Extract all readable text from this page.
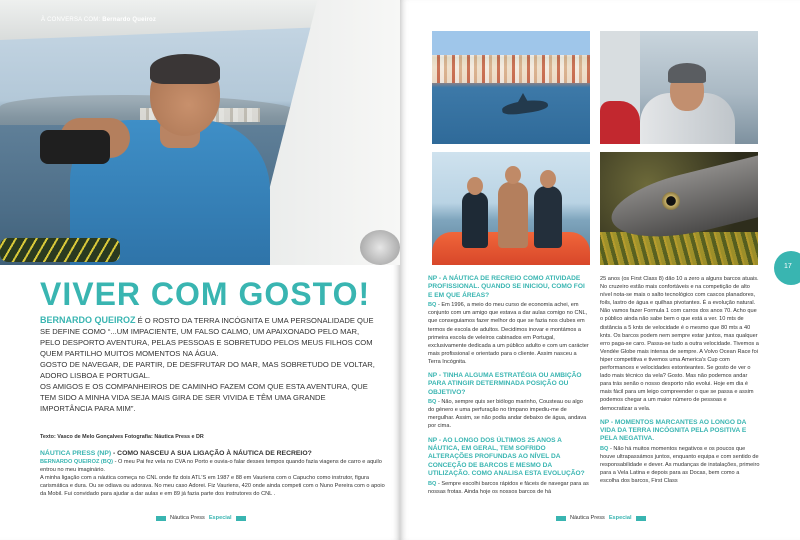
À CONVERSA COM: Bernardo Queiroz
VIVER COM GOSTO!
BERNARDO QUEIROZ É O ROSTO DA TERRA INCÓGNITA E UMA PERSONALIDADE QUE SE DEFINE COMO “...UM IMPACIENTE, UM FALSO CALMO, UM APAIXONADO PELO MAR, PELO DESPORTO AVENTURA, PELAS PESSOAS E SOBRETUDO PELOS MEUS FILHOS COM QUEM PARTILHO MUITOS MOMENTOS NA ÁGUA.
GOSTO DE NAVEGAR, DE PARTIR, DE DESFRUTAR DO MAR, MAS SOBRETUDO DE VOLTAR, ADORO LISBOA E PORTUGAL.
OS AMIGOS E OS COMPANHEIROS DE CAMINHO FAZEM COM QUE ESTA AVENTURA, QUE TEM SIDO A MINHA VIDA SEJA MAIS GIRA DE SER VIVIDA E TÊM UMA GRANDE IMPORTÂNCIA PARA MIM”.
Texto: Vasco de Melo Gonçalves Fotografia: Náutica Press e DR
NÁUTICA PRESS (NP) - COMO NASCEU A SUA LIGAÇÃO À NÁUTICA DE RECREIO?
BERNARDO QUEIROZ (BQ) - O meu Pai fez vela no CVA no Porto e ouvia-o falar desses tempos quando fazia viagens de carro e aquilo entrou no meu imaginário.
A minha ligação com a náutica começa no CNL onde fiz dois ATL'S em 1987 e 88 em Vauriens com o Capucho como instrutor, figura carismática e dura. Ou se odiava ou adorava. No meu caso Adorei. Fiz Vauriens, 420 onde ainda competi com o Nuno Pereira com o apoio da Mobil. Fui convidado para ajudar a dar aulas e em 89 já fazia parte dos instrutores do CNL .
Náutica Press Especial
17
NP - A NÁUTICA DE RECREIO COMO ATIVIDADE PROFISSIONAL. QUANDO SE INICIOU, COMO FOI E EM QUE ÁREAS?

BQ - Em 1996, a meio do meu curso de economia achei, em conjunto com um amigo que estava a dar aulas comigo no CNL, que conseguiamos fazer melhor do que se fazia nos clubes em termos de escola de adultos. Decidimos inovar e montámos a primeira escola de veleiros cabinados em Portugal, exclusivamente dedicada a um público adulto e com um carácter mais profissional e orientado para o cliente. Assim nasceu a Terra Incógnita.

NP - TINHA ALGUMA ESTRATÉGIA OU AMBIÇÃO PARA ATINGIR DETERMINADA POSIÇÃO OU OBJETIVO?

BQ - Não, sempre quis ser biólogo marinho, Cousteau ou algo do género e uma perfuração no tímpano impediu-me de mergulhar. Assim, se não podia andar debaixo de água, andava por cima.

NP - AO LONGO DOS ÚLTIMOS 25 ANOS A NÁUTICA, EM GERAL, TEM SOFRIDO ALTERAÇÕES PROFUNDAS AO NÍVEL DA CONCEÇÃO DE BARCOS E MESMO DA UTILIZAÇÃO. COMO ANALISA ESTA EVOLUÇÃO?

BQ - Sempre escolhi barcos rápidos e fáceis de navegar para as nossas frotas. Ainda hoje os nossos barcos de há

25 anos (os First Class 8) dão 10 a zero a alguns barcos atuais. No cruzeiro estão mais confortáveis e na competição de alto nível nota-se mais o salto tecnológico com cascos planadores, foils, lastro de água e quilhas pivotantes. É a evolução natural. Não vamos fazer Formula 1 com carros dos anos 70. Acho que o público ainda não sabe bem o que está a ver. 10 mts de distância a 5 knts de velocidade é o mesmo que 80 mts a 40 knts. Os barcos podem nem sempre estar juntos, mas qualquer erro paga-se caro. Passa-se tudo a outra velocidade. Tivemos a Vendée Globe mais intensa de sempre. A Volvo Ocean Race foi hiper competitiva e tivemos uma America's Cup com performances e velocidades estonteantes. Se gosto de ver o lado mais técnico da vela? Gosto. Mas não podemos andar para trás senão o nosso desporto não evolui. Hoje em dia é mais fácil para um leigo compreender o que se passa e assim podemos chegar a um maior número de pessoas e democratizar a vela.

NP - MOMENTOS MARCANTES AO LONGO DA VIDA DA TERRA INCÓGNITA PELA POSITIVA E PELA NEGATIVA.

BQ - Não há muitos momentos negativos e os poucos que houve ultrapassámos juntos, enquanto equipa e com sentido de responsabilidade e dever. As mudanças de instalações, primeiro para a Vela Latina e depois para as Docas, bem como a escolha dos barcos, First Class

Náutica Press Especial
